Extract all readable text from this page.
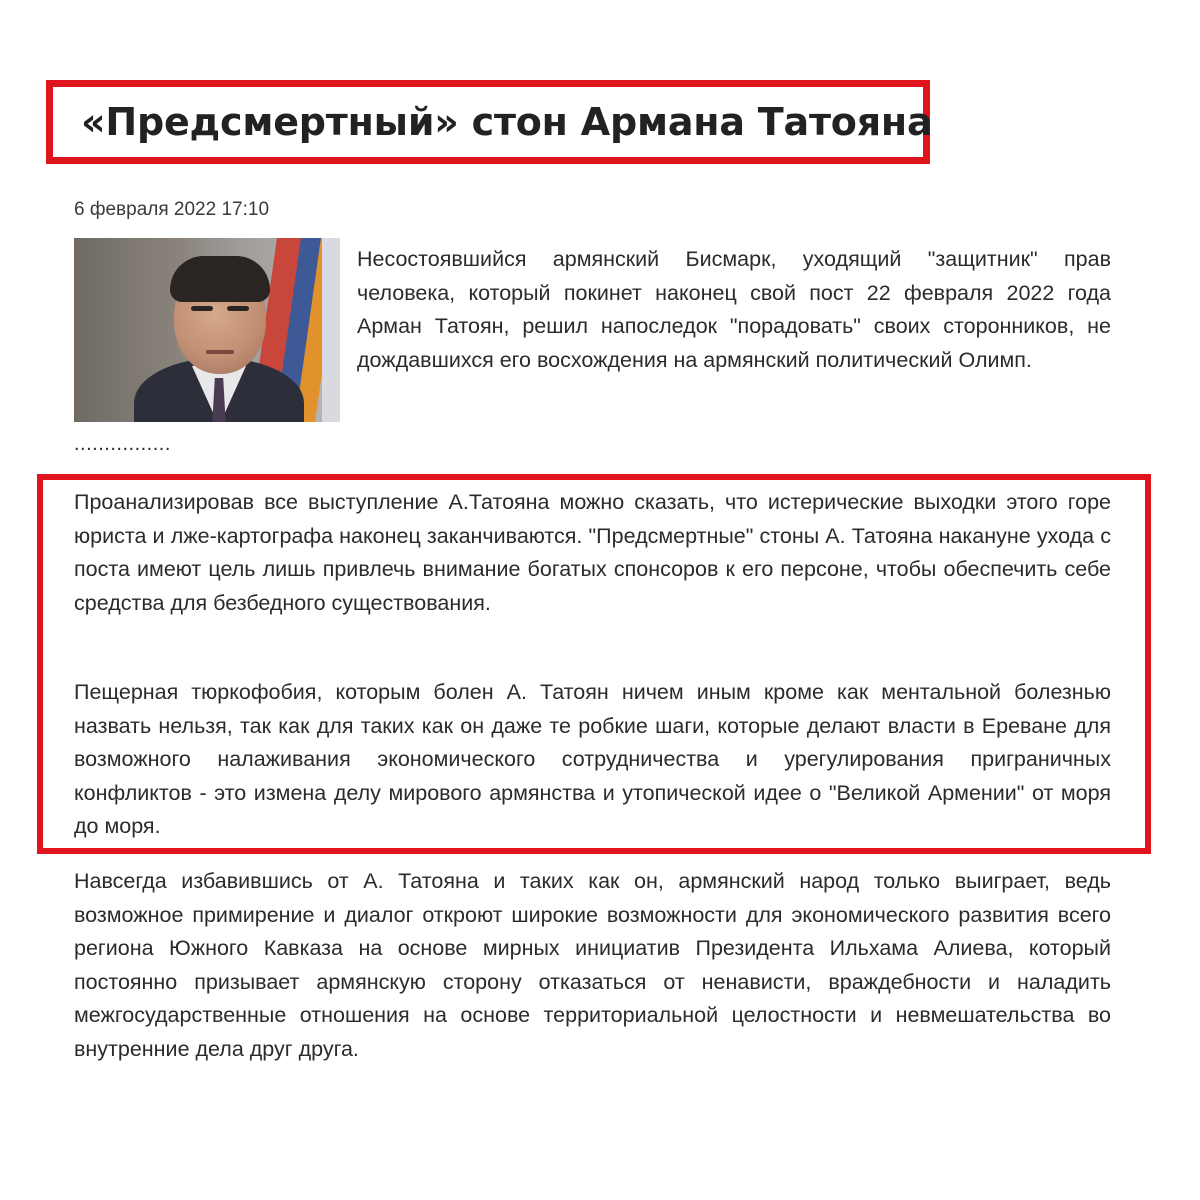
«Предсмертный» стон Армана Татояна
6 февраля 2022 17:10

Несостоявшийся армянский Бисмарк, уходящий "защитник" прав человека, который покинет наконец свой пост 22 февраля 2022 года Арман Татоян, решил напоследок "порадовать" своих сторонников, не дождавшихся его восхождения на армянский политический Олимп.

................

Проанализировав все выступление А.Татояна можно сказать, что истерические выходки этого горе юриста и лже-картографа наконец заканчиваются. "Предсмертные" стоны А. Татояна накануне ухода с поста имеют цель лишь привлечь внимание богатых спонсоров к его персоне, чтобы обеспечить себе средства для безбедного существования.

Пещерная тюркофобия, которым болен А. Татоян ничем иным кроме как ментальной болезнью назвать нельзя, так как для таких как он даже те робкие шаги, которые делают власти в Ереване для возможного налаживания экономического сотрудничества и урегулирования приграничных конфликтов - это измена делу мирового армянства и утопической идее о "Великой Армении" от моря до моря.

Навсегда избавившись от А. Татояна и таких как он, армянский народ только выиграет, ведь возможное примирение и диалог откроют широкие возможности для экономического развития всего региона Южного Кавказа на основе мирных инициатив Президента Ильхама Алиева, который постоянно призывает армянскую сторону отказаться от ненависти, враждебности и наладить межгосударственные отношения на основе территориальной целостности и невмешательства во внутренние дела друг друга.
